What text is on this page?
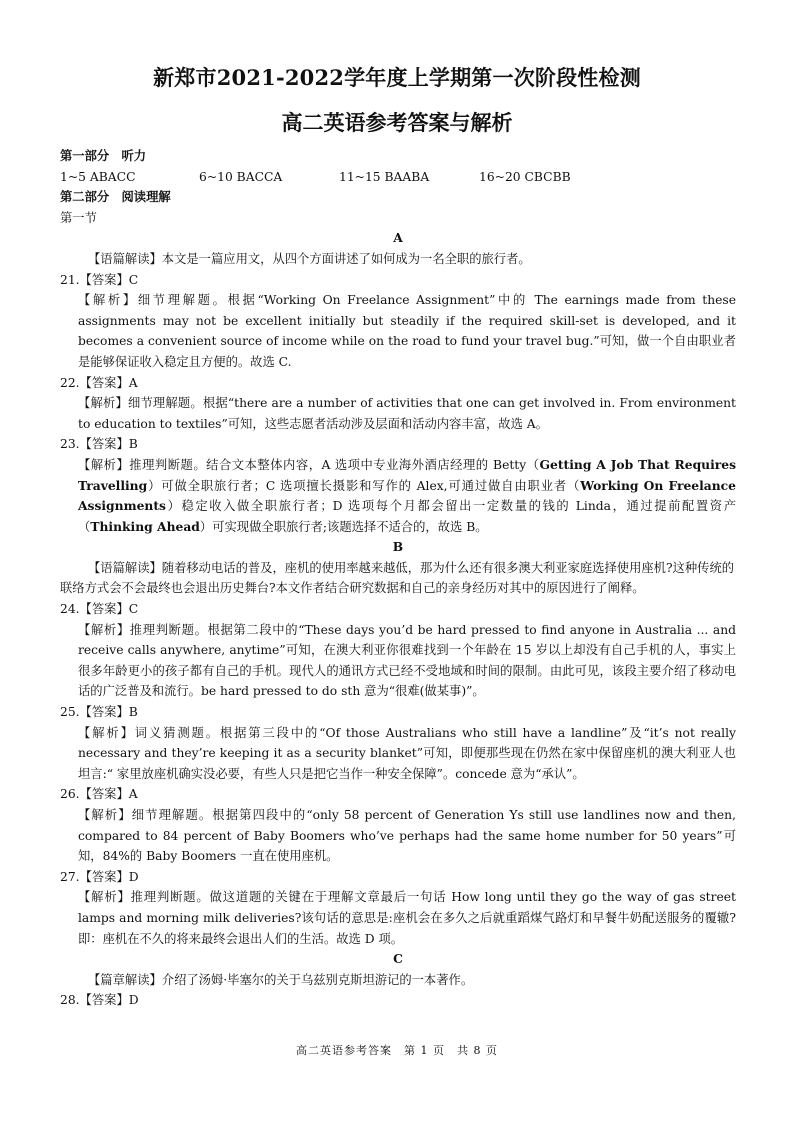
新郑市2021-2022学年度上学期第一次阶段性检测
高二英语参考答案与解析
第一部分　听力
1~5 ABACC	6~10 BACCA	11~15 BAABA	16~20 CBCBB
第二部分　阅读理解
第一节
A
【语篇解读】本文是一篇应用文，从四个方面讲述了如何成为一名全职的旅行者。
21.【答案】C
【解析】细节理解题。根据“Working On Freelance Assignment”中的 The earnings made from these assignments may not be excellent initially but steadily if the required skill-set is developed, and it becomes a convenient source of income while on the road to fund your travel bug.”可知，做一个自由职业者是能够保证收入稳定且方便的。故选 C.
22.【答案】A
【解析】细节理解题。根据“there are a number of activities that one can get involved in. From environment to education to textiles”可知，这些志愿者活动涉及层面和活动内容丰富，故选 A。
23.【答案】B
【解析】推理判断题。结合文本整体内容，A 选项中专业海外酒店经理的 Betty（Getting A Job That Requires Travelling）可做全职旅行者；C 选项擅长摄影和写作的 Alex,可通过做自由职业者（Working On Freelance Assignments）稳定收入做全职旅行者；D 选项每个月都会留出一定数量的钱的 Linda，通过提前配置资产（Thinking Ahead）可实现做全职旅行者;该题选择不适合的，故选 B。
B
【语篇解读】随着移动电话的普及，座机的使用率越来越低，那为什么还有很多澳大利亚家庭选择使用座机?这种传统的联络方式会不会最终也会退出历史舞台?本文作者结合研究数据和自己的亲身经历对其中的原因进行了阐释。
24.【答案】C
【解析】推理判断题。根据第二段中的“These days you’d be hard pressed to find anyone in Australia ... and receive calls anywhere, anytime”可知，在澳大利亚你很难找到一个年龄在 15 岁以上却没有自己手机的人，事实上很多年龄更小的孩子都有自己的手机。现代人的通讯方式已经不受地域和时间的限制。由此可见，该段主要介绍了移动电话的广泛普及和流行。be hard pressed to do sth 意为“很难(做某事)”。
25.【答案】B
【解析】词义猜测题。根据第三段中的“Of those Australians who still have a landline”及“it’s not really necessary and they’re keeping it as a security blanket”可知，即便那些现在仍然在家中保留座机的澳大利亚人也坦言:“ 家里放座机确实没必要，有些人只是把它当作一种安全保障”。concede 意为“承认”。
26.【答案】A
【解析】细节理解题。根据第四段中的“only 58 percent of Generation Ys still use landlines now and then, compared to 84 percent of Baby Boomers who’ve perhaps had the same home number for 50 years”可知，84%的 Baby Boomers 一直在使用座机。
27.【答案】D
【解析】推理判断题。做这道题的关键在于理解文章最后一句话 How long until they go the way of gas street lamps and morning milk deliveries?该句话的意思是:座机会在多久之后就重蹈煤气路灯和早餐牛奶配送服务的覆辙?即：座机在不久的将来最终会退出人们的生活。故选 D 项。
C
【篇章解读】介绍了汤姆·毕塞尔的关于乌兹别克斯坦游记的一本著作。
28.【答案】D
高二英语参考答案　第 1 页　共 8 页
